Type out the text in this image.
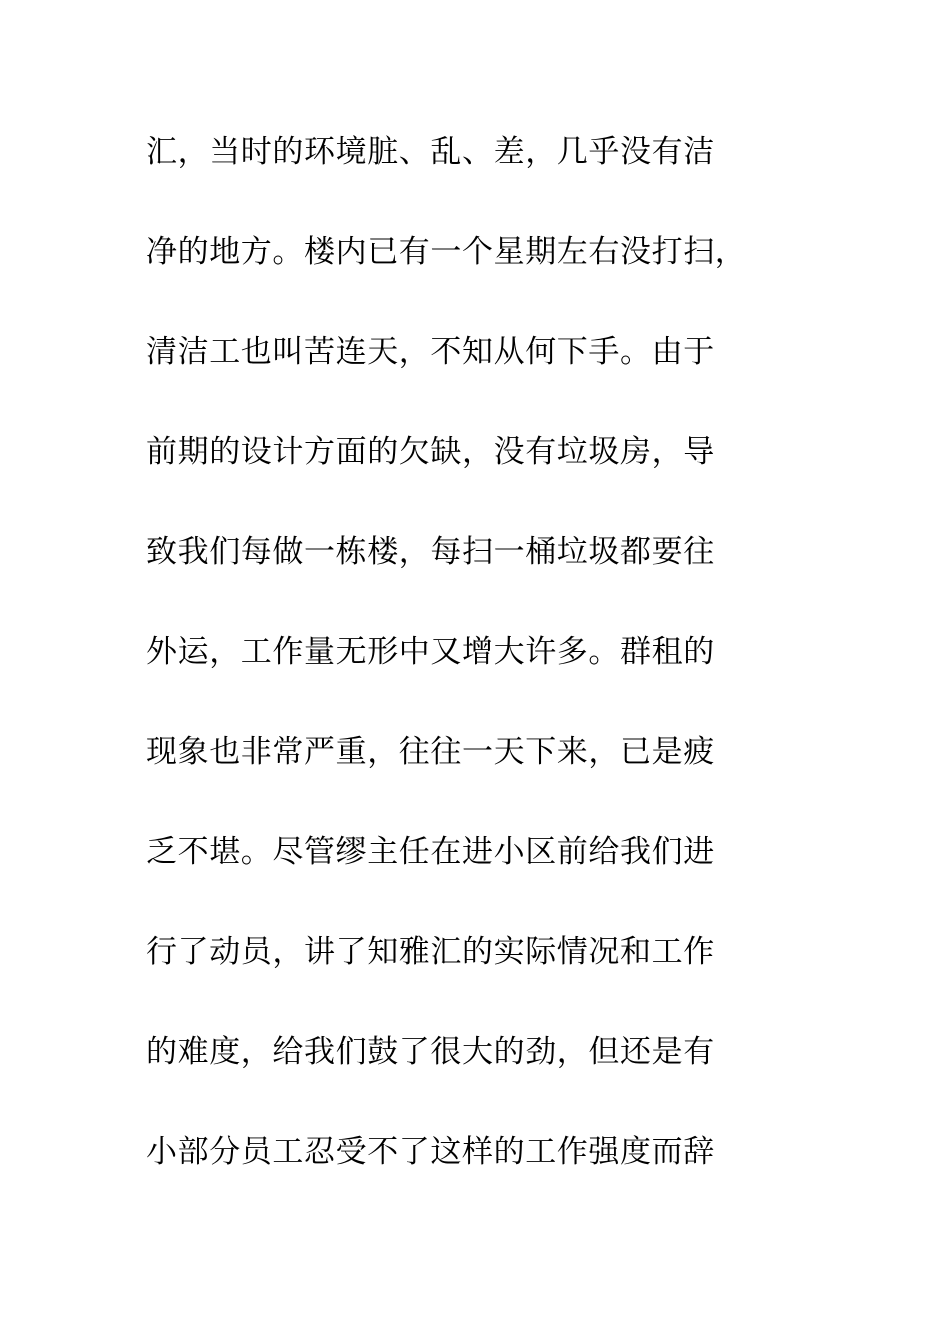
汇，当时的环境脏、乱、差，几乎没有洁
净的地方。楼内已有一个星期左右没打扫，
清洁工也叫苦连天，不知从何下手。由于
前期的设计方面的欠缺，没有垃圾房，导
致我们每做一栋楼，每扫一桶垃圾都要往
外运，工作量无形中又增大许多。群租的
现象也非常严重，往往一天下来，已是疲
乏不堪。尽管缪主任在进小区前给我们进
行了动员，讲了知雅汇的实际情况和工作
的难度，给我们鼓了很大的劲，但还是有
小部分员工忍受不了这样的工作强度而辞
